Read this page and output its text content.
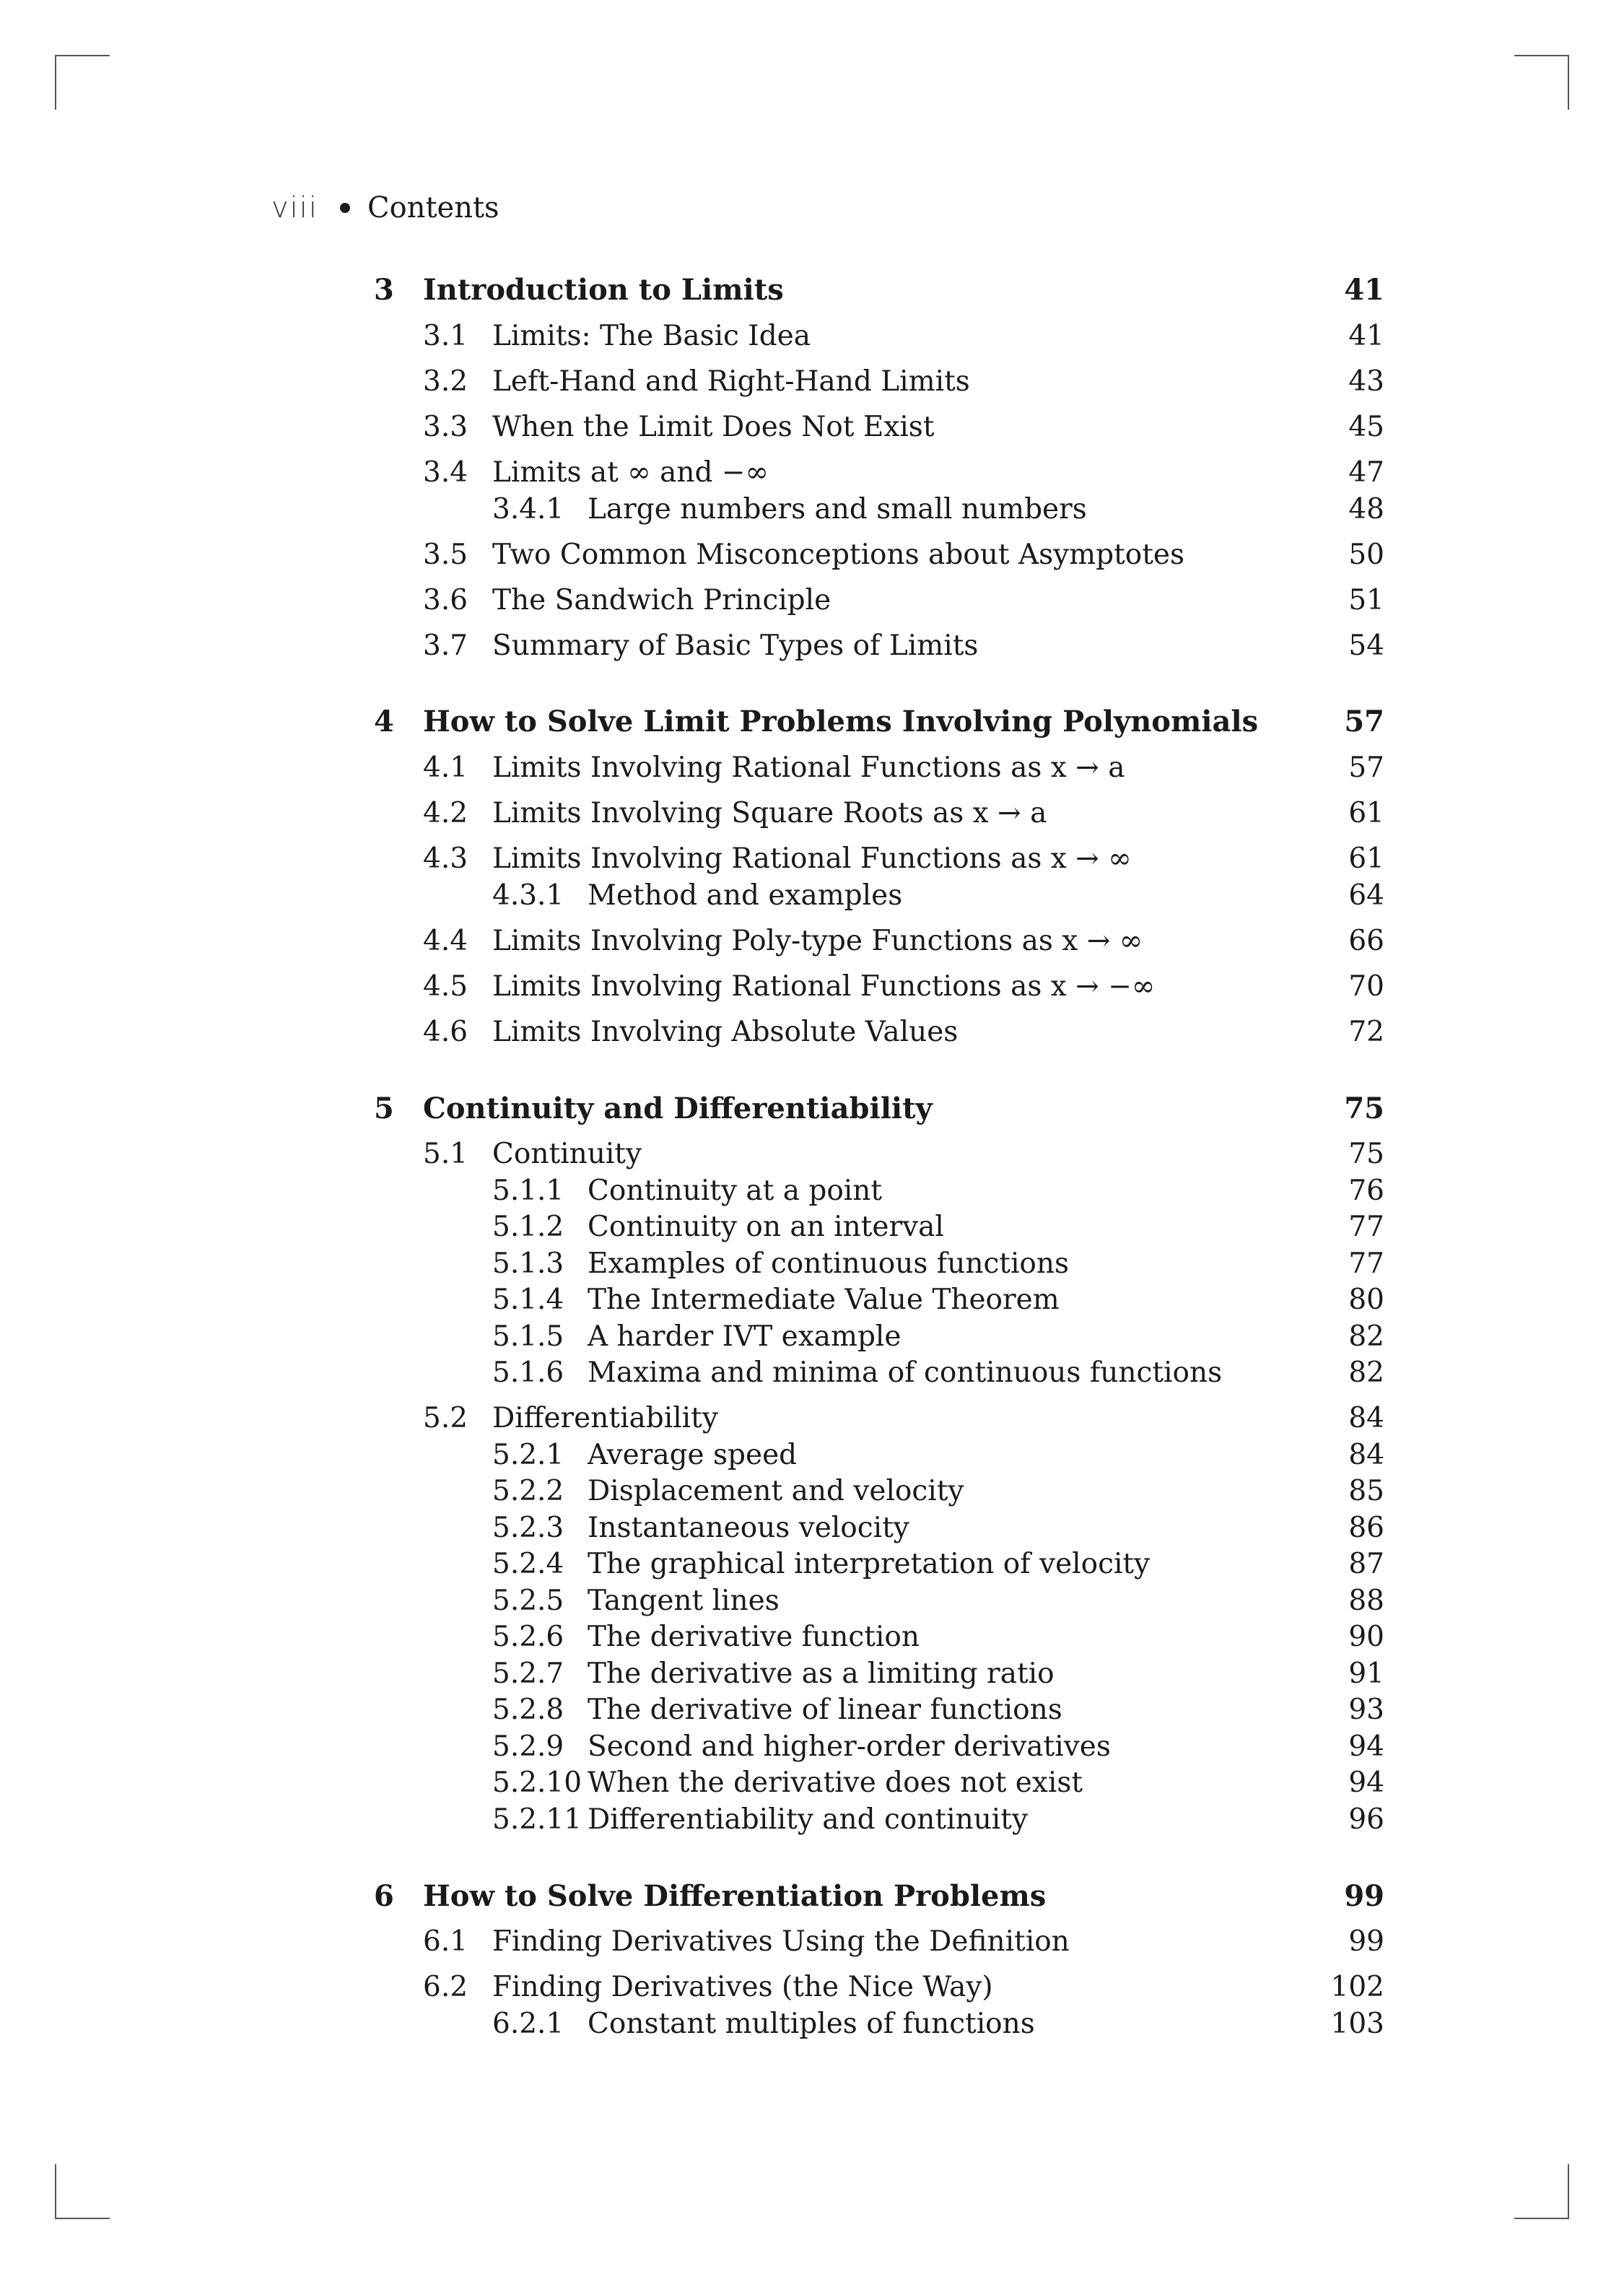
viii Contents
3 Introduction to Limits	41
3.1 Limits: The Basic Idea	41
3.2 Left-Hand and Right-Hand Limits	43
3.3 When the Limit Does Not Exist	45
3.4 Limits at ∞ and −∞	47
3.4.1 Large numbers and small numbers	48
3.5 Two Common Misconceptions about Asymptotes	50
3.6 The Sandwich Principle	51
3.7 Summary of Basic Types of Limits	54
4 How to Solve Limit Problems Involving Polynomials	57
4.1 Limits Involving Rational Functions as x → a	57
4.2 Limits Involving Square Roots as x → a	61
4.3 Limits Involving Rational Functions as x → ∞	61
4.3.1 Method and examples	64
4.4 Limits Involving Poly-type Functions as x → ∞	66
4.5 Limits Involving Rational Functions as x → −∞	70
4.6 Limits Involving Absolute Values	72
5 Continuity and Differentiability	75
5.1 Continuity	75
5.1.1 Continuity at a point	76
5.1.2 Continuity on an interval	77
5.1.3 Examples of continuous functions	77
5.1.4 The Intermediate Value Theorem	80
5.1.5 A harder IVT example	82
5.1.6 Maxima and minima of continuous functions	82
5.2 Differentiability	84
5.2.1 Average speed	84
5.2.2 Displacement and velocity	85
5.2.3 Instantaneous velocity	86
5.2.4 The graphical interpretation of velocity	87
5.2.5 Tangent lines	88
5.2.6 The derivative function	90
5.2.7 The derivative as a limiting ratio	91
5.2.8 The derivative of linear functions	93
5.2.9 Second and higher-order derivatives	94
5.2.10 When the derivative does not exist	94
5.2.11 Differentiability and continuity	96
6 How to Solve Differentiation Problems	99
6.1 Finding Derivatives Using the Definition	99
6.2 Finding Derivatives (the Nice Way)	102
6.2.1 Constant multiples of functions	103
